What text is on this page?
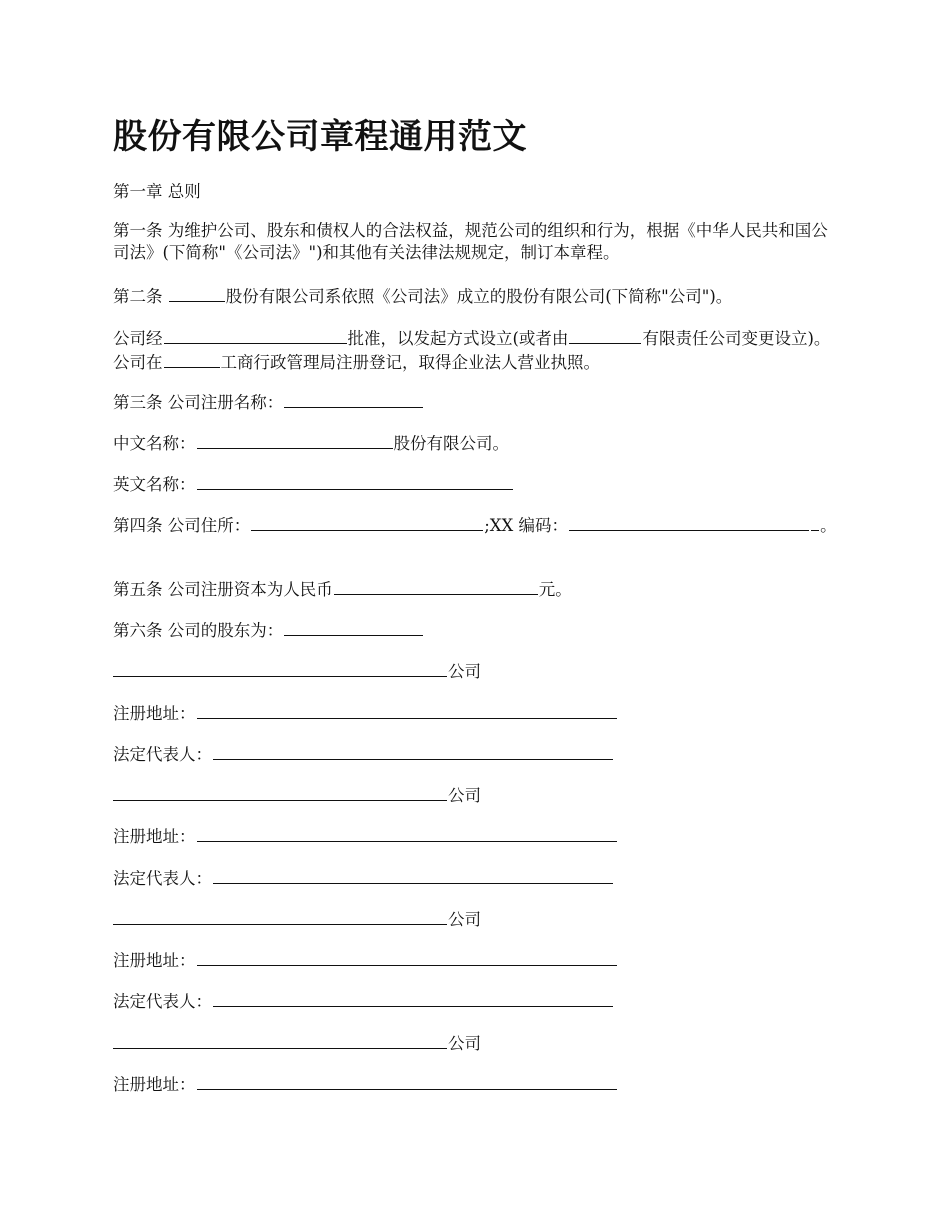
股份有限公司章程通用范文

第一章 总则

第一条 为维护公司、股东和债权人的合法权益，规范公司的组织和行为，根据《中华人民共和国公司法》(下简称"《公司法》")和其他有关法律法规规定，制订本章程。

第二条	股份有限公司系依照《公司法》成立的股份有限公司(下简称"公司")。

公司经	批准，以发起方式设立(或者由	有限责任公司变更设立)。公司在	工商行政管理局注册登记，取得企业法人营业执照。

第三条 公司注册名称：

中文名称：	股份有限公司。

英文名称：

第四条 公司住所：	;XX 编码：	。

第五条 公司注册资本为人民币	元。

第六条 公司的股东为：

公司

注册地址：

法定代表人：

公司

注册地址：

法定代表人：

公司

注册地址：

法定代表人：

公司

注册地址：
